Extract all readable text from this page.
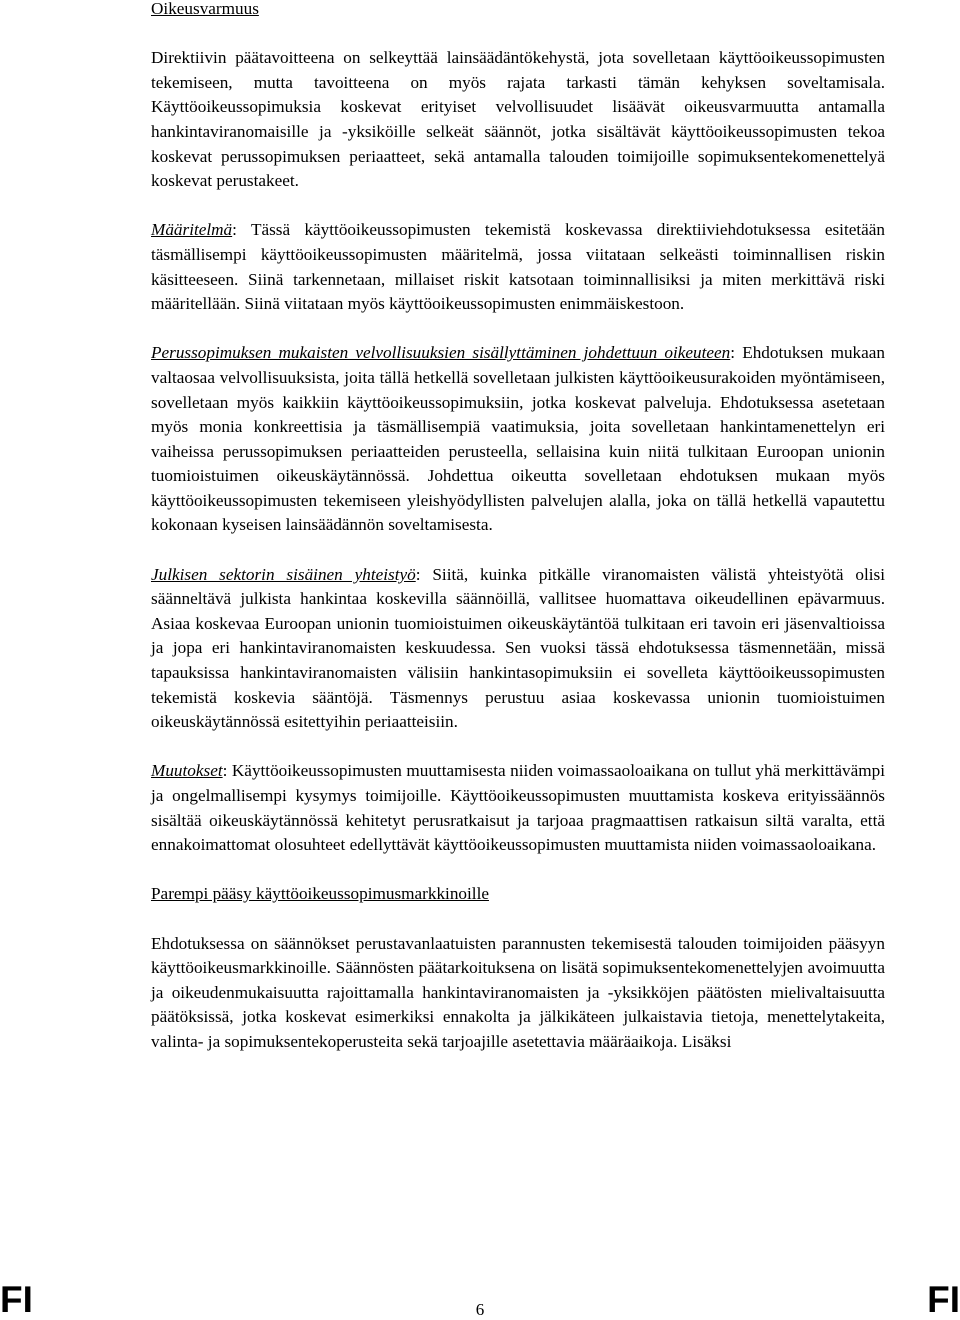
Oikeusvarmuus

Direktiivin päätavoitteena on selkeyttää lainsäädäntökehystä, jota sovelletaan käyttöoikeussopimusten tekemiseen, mutta tavoitteena on myös rajata tarkasti tämän kehyksen soveltamisala. Käyttöoikeussopimuksia koskevat erityiset velvollisuudet lisäävät oikeusvarmuutta antamalla hankintaviranomaisille ja -yksiköille selkeät säännöt, jotka sisältävät käyttöoikeussopimusten tekoa koskevat perussopimuksen periaatteet, sekä antamalla talouden toimijoille sopimuksentekomenettelyä koskevat perustakeet.

Määritelmä: Tässä käyttöoikeussopimusten tekemistä koskevassa direktiiviehdotuksessa esitetään täsmällisempi käyttöoikeussopimusten määritelmä, jossa viitataan selkeästi toiminnallisen riskin käsitteeseen. Siinä tarkennetaan, millaiset riskit katsotaan toiminnallisiksi ja miten merkittävä riski määritellään. Siinä viitataan myös käyttöoikeussopimusten enimmäiskestoon.

Perussopimuksen mukaisten velvollisuuksien sisällyttäminen johdettuun oikeuteen: Ehdotuksen mukaan valtaosaa velvollisuuksista, joita tällä hetkellä sovelletaan julkisten käyttöoikeusurakoiden myöntämiseen, sovelletaan myös kaikkiin käyttöoikeussopimuksiin, jotka koskevat palveluja. Ehdotuksessa asetetaan myös monia konkreettisia ja täsmällisempiä vaatimuksia, joita sovelletaan hankintamenettelyn eri vaiheissa perussopimuksen periaatteiden perusteella, sellaisina kuin niitä tulkitaan Euroopan unionin tuomioistuimen oikeuskäytännössä. Johdettua oikeutta sovelletaan ehdotuksen mukaan myös käyttöoikeussopimusten tekemiseen yleishyödyllisten palvelujen alalla, joka on tällä hetkellä vapautettu kokonaan kyseisen lainsäädännön soveltamisesta.

Julkisen sektorin sisäinen yhteistyö: Siitä, kuinka pitkälle viranomaisten välistä yhteistyötä olisi säänneltävä julkista hankintaa koskevilla säännöillä, vallitsee huomattava oikeudellinen epävarmuus. Asiaa koskevaa Euroopan unionin tuomioistuimen oikeuskäytäntöä tulkitaan eri tavoin eri jäsenvaltioissa ja jopa eri hankintaviranomaisten keskuudessa. Sen vuoksi tässä ehdotuksessa täsmennetään, missä tapauksissa hankintaviranomaisten välisiin hankintasopimuksiin ei sovelleta käyttöoikeussopimusten tekemistä koskevia sääntöjä. Täsmennys perustuu asiaa koskevassa unionin tuomioistuimen oikeuskäytännössä esitettyihin periaatteisiin.

Muutokset: Käyttöoikeussopimusten muuttamisesta niiden voimassaoloaikana on tullut yhä merkittävämpi ja ongelmallisempi kysymys toimijoille. Käyttöoikeussopimusten muuttamista koskeva erityissäännös sisältää oikeuskäytännössä kehitetyt perusratkaisut ja tarjoaa pragmaattisen ratkaisun siltä varalta, että ennakoimattomat olosuhteet edellyttävät käyttöoikeussopimusten muuttamista niiden voimassaoloaikana.

Parempi pääsy käyttöoikeussopimusmarkkinoille

Ehdotuksessa on säännökset perustavanlaatuisten parannusten tekemisestä talouden toimijoiden pääsyyn käyttöoikeusmarkkinoille. Säännösten päätarkoituksena on lisätä sopimuksentekomenettelyjen avoimuutta ja oikeudenmukaisuutta rajoittamalla hankintaviranomaisten ja -yksikköjen päätösten mielivaltaisuutta päätöksissä, jotka koskevat esimerkiksi ennakolta ja jälkikäteen julkaistavia tietoja, menettelytakeita, valinta- ja sopimuksentekoperusteita sekä tarjoajille asetettavia määräaikoja. Lisäksi

FI	6	FI
